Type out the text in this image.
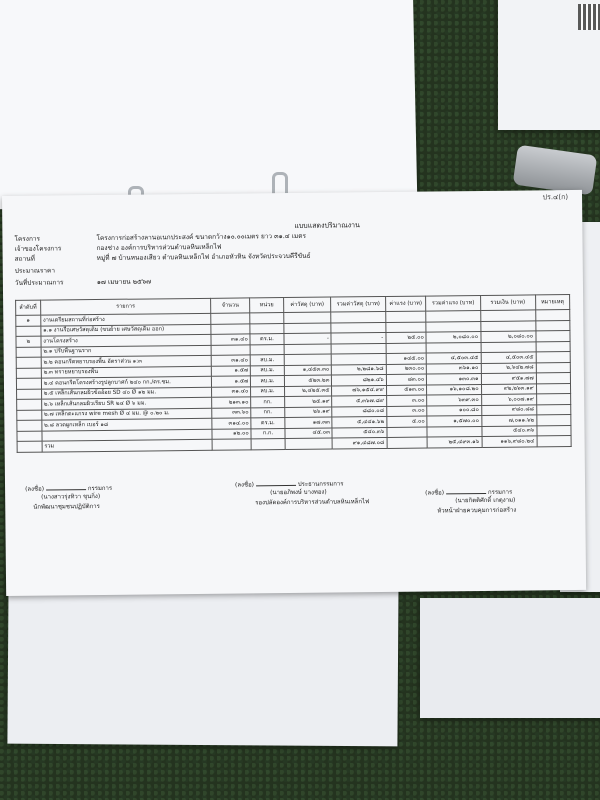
ปร.๔(ก)
แบบแสดงปริมาณงาน
โครงการ	โครงการก่อสร้างลานอเนกประสงค์ ขนาดกว้าง๑๐.๐๐เมตร ยาว ๓๑.๔ เมตร
เจ้าของโครงการ	กองช่าง องค์การบริหารส่วนตำบลหินเหล็กไฟ
สถานที่	หมู่ที่ ๗ บ้านหนองเสียว ตำบลหินเหล็กไฟ อำเภอหัวหิน จังหวัดประจวบคีรีขันธ์
ประมาณราคา
วันที่ประมาณการ	๑๗ เมษายน ๒๕๖๗
ลำดับที่	รายการ	จำนวน	หน่วย	ค่าวัสดุ (บาท)	รวมค่าวัสดุ (บาท)	ค่าแรง (บาท)	รวมค่าแรง (บาท)	รวมเงิน (บาท)	หมายเหตุ
๑	งานเตรียมสถานที่ก่อสร้าง								
	๑.๑ งานรื้อเศษวัสดุเดิม (ขนย้าย เศษวัสดุเดิม ออก)								
๒	งานโครงสร้าง	๓๑.๔๐	ตร.ม.	-	-	๒๕.๐๐	๒,๐๘๐.๐๐	๒,๐๘๐.๐๐	
	๒.๑ ปรับพื้นฐานราก								
	๒.๒ คอนกรีตหยาบรองพื้น อัตราส่วน ๑:๓	๓๑.๔๐	ลบ.ม.			๑๔๕.๐๐	๔,๕๐๓.๔๕	๔,๕๐๓.๔๕	
	๒.๓ ทรายหยาบรองพื้น	๑.๕๗	ลบ.ม.	๑,๔๕๓.๓๐	๒,๒๘๑.๖๘	๒๓๐.๐๐	๓๖๑.๑๐	๒,๖๔๒.๗๘	
	๒.๔ คอนกรีตโครงสร้างรูปลูกบาศก์ ๒๔๐ กก./ตร.ซม.	๑.๕๗	ลบ.ม.	๕๒๓.๒๓	๘๒๑.๔๖	๘๓.๐๐	๑๓๐.๓๑	๙๕๑.๗๗	
	๒.๕ เหล็กเส้นกลมผิวข้ออ้อย SD ๔๐ Ø ๑๒ มม.	๓๑.๔๐	ลบ.ม.	๒,๔๒๕.๓๕	๗๖,๑๕๔.๙๙	๕๑๓.๐๐	๑๖,๑๐๘.๒๐	๙๒,๒๖๓.๑๙	
	๒.๖ เหล็กเส้นกลมผิวเรียบ SR ๒๔ Ø ๖ มม.	๒๑๓.๑๐	กก.	๒๕.๑๙	๕,๓๖๗.๘๙	๓.๐๐	๖๓๙.๓๐	๖,๐๐๗.๑๙	
	๒.๗ เหล็กตะแกรง wire mesh Ø ๔ มม. @ ๐.๒๐ ม.	๓๓.๖๐	กก.	๒๖.๑๙	๘๘๐.๐๘	๓.๐๐	๑๐๐.๘๐	๙๘๐.๘๘	
	๒.๘ ลวดผูกเหล็ก เบอร์ ๑๘	๓๑๔.๐๐	ตร.ม.	๑๗.๓๓	๕,๔๔๑.๖๒	๕.๐๐	๑,๕๗๐.๐๐	๗,๐๑๑.๖๒	
		๑๒.๐๐	ก.ก.	๔๕.๐๓	๕๔๐.๓๖			๕๔๐.๓๖	
	รวม				๙๑,๔๘๗.๐๘		๒๕,๔๙๓.๑๖	๑๑๖,๙๘๐.๒๔	
(ลงชื่อ)	กรรมการ
(นางสาวรุ่งทิวา ขุนกิ่ง)
นักพัฒนาชุมชนปฏิบัติการ
(ลงชื่อ)	ประธานกรรมการ
(นายอภิพงษ์ บางทอง)
รองปลัดองค์การบริหารส่วนตำบลหินเหล็กไฟ
(ลงชื่อ)	กรรมการ
(นายกิตติศักดิ์ เกตุงาม)
หัวหน้าฝ่ายควบคุมการก่อสร้าง
